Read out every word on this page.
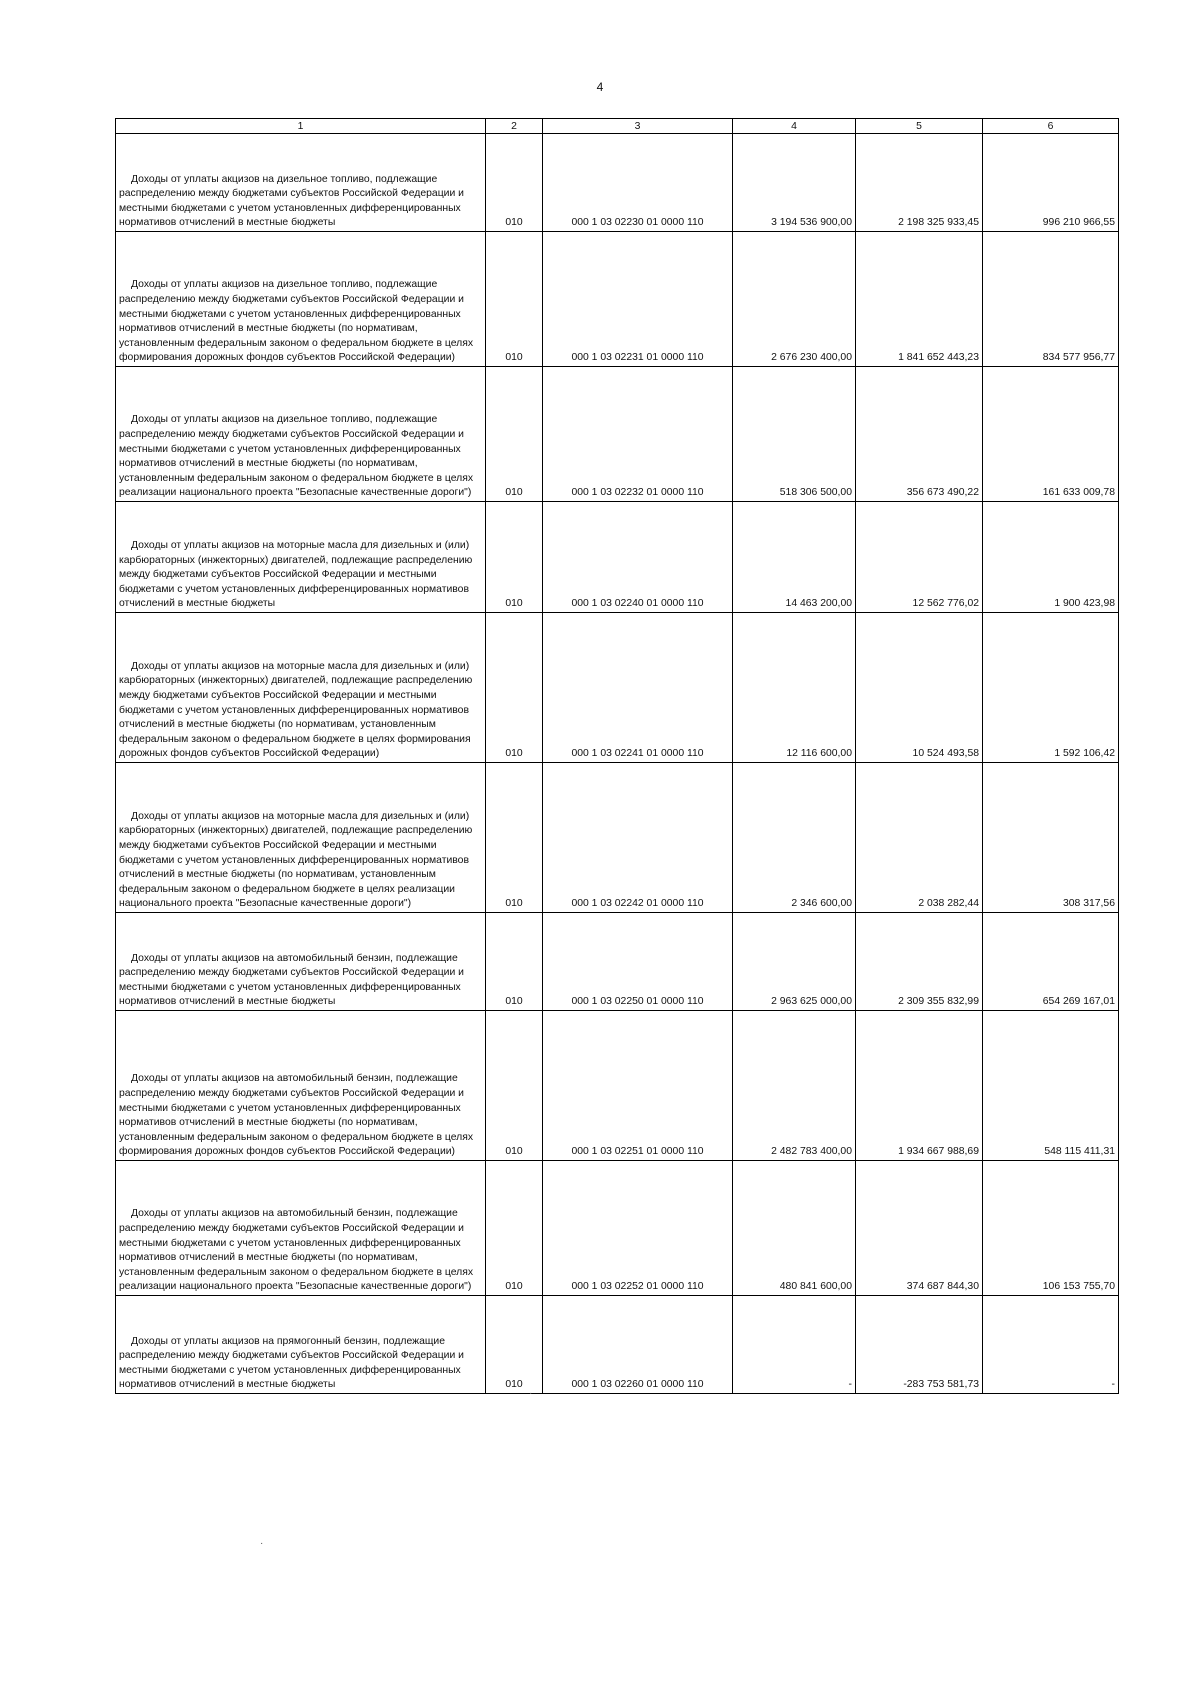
4
1	2	3	4	5	6
Доходы от уплаты акцизов на дизельное топливо, подлежащие распределению между бюджетами субъектов Российской Федерации и местными бюджетами с учетом установленных дифференцированных нормативов отчислений в местные бюджеты	010	000 1 03 02230 01 0000 110	3 194 536 900,00	2 198 325 933,45	996 210 966,55
Доходы от уплаты акцизов на дизельное топливо, подлежащие распределению между бюджетами субъектов Российской Федерации и местными бюджетами с учетом установленных дифференцированных нормативов отчислений в местные бюджеты (по нормативам, установленным федеральным законом о федеральном бюджете в целях формирования дорожных фондов субъектов Российской Федерации)	010	000 1 03 02231 01 0000 110	2 676 230 400,00	1 841 652 443,23	834 577 956,77
Доходы от уплаты акцизов на дизельное топливо, подлежащие распределению между бюджетами субъектов Российской Федерации и местными бюджетами с учетом установленных дифференцированных нормативов отчислений в местные бюджеты (по нормативам, установленным федеральным законом о федеральном бюджете в целях реализации национального проекта "Безопасные качественные дороги")	010	000 1 03 02232 01 0000 110	518 306 500,00	356 673 490,22	161 633 009,78
Доходы от уплаты акцизов на моторные масла для дизельных и (или) карбюраторных (инжекторных) двигателей, подлежащие распределению между бюджетами субъектов Российской Федерации и местными бюджетами с учетом установленных дифференцированных нормативов отчислений в местные бюджеты	010	000 1 03 02240 01 0000 110	14 463 200,00	12 562 776,02	1 900 423,98
Доходы от уплаты акцизов на моторные масла для дизельных и (или) карбюраторных (инжекторных) двигателей, подлежащие распределению между бюджетами субъектов Российской Федерации и местными бюджетами с учетом установленных дифференцированных нормативов отчислений в местные бюджеты (по нормативам, установленным федеральным законом о федеральном бюджете в целях формирования дорожных фондов субъектов Российской Федерации)	010	000 1 03 02241 01 0000 110	12 116 600,00	10 524 493,58	1 592 106,42
Доходы от уплаты акцизов на моторные масла для дизельных и (или) карбюраторных (инжекторных) двигателей, подлежащие распределению между бюджетами субъектов Российской Федерации и местными бюджетами с учетом установленных дифференцированных нормативов отчислений в местные бюджеты (по нормативам, установленным федеральным законом о федеральном бюджете в целях реализации национального проекта "Безопасные качественные дороги")	010	000 1 03 02242 01 0000 110	2 346 600,00	2 038 282,44	308 317,56
Доходы от уплаты акцизов на автомобильный бензин, подлежащие распределению между бюджетами субъектов Российской Федерации и местными бюджетами с учетом установленных дифференцированных нормативов отчислений в местные бюджеты	010	000 1 03 02250 01 0000 110	2 963 625 000,00	2 309 355 832,99	654 269 167,01
Доходы от уплаты акцизов на автомобильный бензин, подлежащие распределению между бюджетами субъектов Российской Федерации и местными бюджетами с учетом установленных дифференцированных нормативов отчислений в местные бюджеты (по нормативам, установленным федеральным законом о федеральном бюджете в целях формирования дорожных фондов субъектов Российской Федерации)	010	000 1 03 02251 01 0000 110	2 482 783 400,00	1 934 667 988,69	548 115 411,31
Доходы от уплаты акцизов на автомобильный бензин, подлежащие распределению между бюджетами субъектов Российской Федерации и местными бюджетами с учетом установленных дифференцированных нормативов отчислений в местные бюджеты (по нормативам, установленным федеральным законом о федеральном бюджете в целях реализации национального проекта "Безопасные качественные дороги")	010	000 1 03 02252 01 0000 110	480 841 600,00	374 687 844,30	106 153 755,70
Доходы от уплаты акцизов на прямогонный бензин, подлежащие распределению между бюджетами субъектов Российской Федерации и местными бюджетами с учетом установленных дифференцированных нормативов отчислений в местные бюджеты	010	000 1 03 02260 01 0000 110	-	-283 753 581,73	-
·
·
